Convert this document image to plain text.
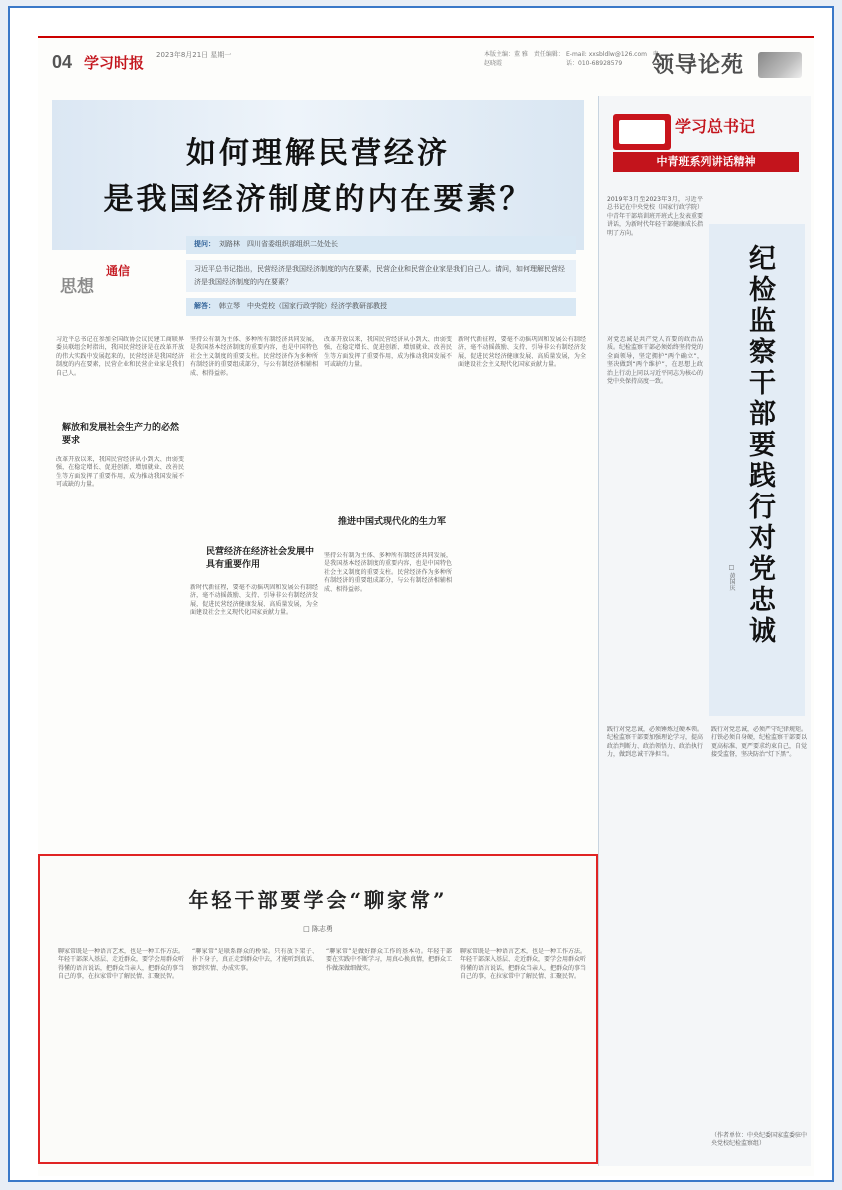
04 学习时报 2023年8月21日 星期一	本版主编：董 雅　责任编辑：赵晓霞
E-mail: xxsbldlw@126.com　电话：010-68928579	领导论苑
如何理解民营经济
是我国经济制度的内在要素？
思想
通信
提问： 刘路林　四川省委组织部组织二处处长
习近平总书记指出，民营经济是我国经济制度的内在要素，民营企业和民营企业家是我们自己人。请问，如何理解民营经济是我国经济制度的内在要素？
解答： 韩立琴　中央党校（国家行政学院）经济学教研部教授
习近平总书记在参加全国政协会议民建工商联界委员联组会时指出，我国民营经济是在改革开放的伟大实践中发展起来的，民营经济是我国经济制度的内在要素，民营企业和民营企业家是我们自己人。
解放和发展社会生产力的必然要求
改革开放以来，我国民营经济从小到大、由弱变强，在稳定增长、促进创新、增加就业、改善民生等方面发挥了重要作用，成为推动我国发展不可或缺的力量。
坚持公有制为主体、多种所有制经济共同发展，是我国基本经济制度的重要内容，也是中国特色社会主义制度的重要支柱。民营经济作为多种所有制经济的重要组成部分，与公有制经济相辅相成、相得益彰。
民营经济在经济社会发展中具有重要作用
新时代新征程，要毫不动摇巩固和发展公有制经济，毫不动摇鼓励、支持、引导非公有制经济发展，促进民营经济健康发展、高质量发展，为全面建设社会主义现代化国家贡献力量。
改革开放以来，我国民营经济从小到大、由弱变强，在稳定增长、促进创新、增加就业、改善民生等方面发挥了重要作用，成为推动我国发展不可或缺的力量。
推进中国式现代化的生力军
坚持公有制为主体、多种所有制经济共同发展，是我国基本经济制度的重要内容，也是中国特色社会主义制度的重要支柱。民营经济作为多种所有制经济的重要组成部分，与公有制经济相辅相成、相得益彰。
新时代新征程，要毫不动摇巩固和发展公有制经济，毫不动摇鼓励、支持、引导非公有制经济发展，促进民营经济健康发展、高质量发展，为全面建设社会主义现代化国家贡献力量。
年轻干部要学会“聊家常”
□ 陈志勇
聊家常既是一种语言艺术，也是一种工作方法。年轻干部深入基层、走近群众，要学会用群众听得懂的语言说话，把群众当亲人，把群众的事当自己的事，在拉家常中了解民情、汇聚民智。
“聊家常”是联系群众的桥梁。只有放下架子、扑下身子，真正走到群众中去，才能听到真话、察到实情、办成实事。
“聊家常”是做好群众工作的基本功。年轻干部要在实践中不断学习，用真心换真情，把群众工作做深做细做实。
聊家常既是一种语言艺术，也是一种工作方法。年轻干部深入基层、走近群众，要学会用群众听得懂的语言说话，把群众当亲人，把群众的事当自己的事，在拉家常中了解民情、汇聚民智。
学习总书记
中青班系列讲话精神
2019年3月至2023年3月，习近平总书记在中央党校（国家行政学院）中青年干部培训班开班式上发表重要讲话，为新时代年轻干部健康成长指明了方向。
对党忠诚是共产党人首要的政治品质。纪检监察干部必须始终坚持党的全面领导，坚定拥护“两个确立”，坚决做到“两个维护”，在思想上政治上行动上同以习近平同志为核心的党中央保持高度一致。	纪检监察干部要践行对党忠诚
□ 黄国庆
践行对党忠诚，必须锤炼过硬本领。纪检监察干部要加强理论学习，提高政治判断力、政治领悟力、政治执行力，做到忠诚干净担当。
践行对党忠诚，必须严守纪律规矩。打铁必须自身硬，纪检监察干部要以更高标准、更严要求约束自己，自觉接受监督，坚决防治“灯下黑”。
（作者单位：中央纪委国家监委驻中央党校纪检监察组）
